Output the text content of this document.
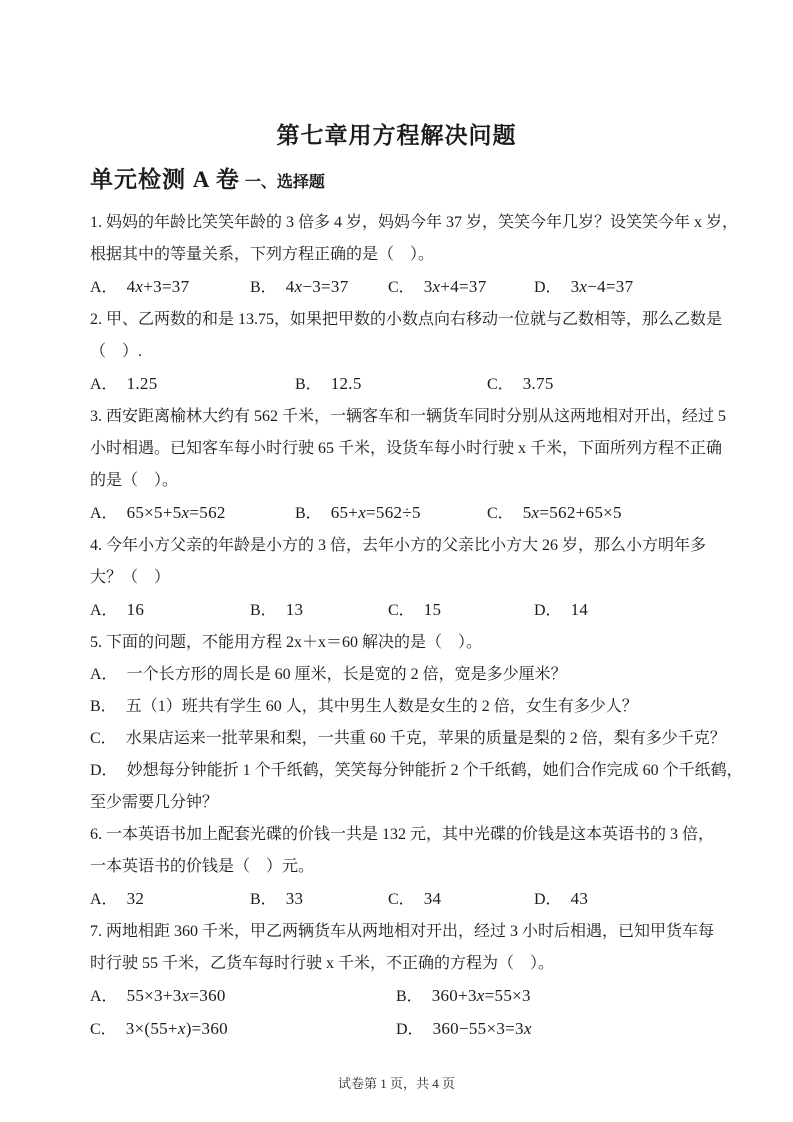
第七章用方程解决问题
单元检测 A 卷 一、选择题

1. 妈妈的年龄比笑笑年龄的 3 倍多 4 岁，妈妈今年 37 岁，笑笑今年几岁？设笑笑今年 x 岁，

根据其中的等量关系，下列方程正确的是（　）。

A． 4x+3=37	B． 4x−3=37	C． 3x+4=37	D． 3x−4=37

2. 甲、乙两数的和是 13.75，如果把甲数的小数点向右移动一位就与乙数相等，那么乙数是

（　）.

A． 1.25	B． 12.5	C． 3.75

3. 西安距离榆林大约有 562 千米，一辆客车和一辆货车同时分别从这两地相对开出，经过 5

小时相遇。已知客车每小时行驶 65 千米，设货车每小时行驶 x 千米，下面所列方程不正确

的是（　）。

A． 65×5+5x=562	B． 65+x=562÷5	C． 5x=562+65×5

4. 今年小方父亲的年龄是小方的 3 倍，去年小方的父亲比小方大 26 岁，那么小方明年多

大？（　）

A． 16	B． 13	C． 15	D． 14

5. 下面的问题，不能用方程 2x＋x＝60 解决的是（　）。

A． 一个长方形的周长是 60 厘米，长是宽的 2 倍，宽是多少厘米？
B． 五（1）班共有学生 60 人，其中男生人数是女生的 2 倍，女生有多少人？
C． 水果店运来一批苹果和梨，一共重 60 千克，苹果的质量是梨的 2 倍，梨有多少千克？
D． 妙想每分钟能折 1 个千纸鹤，笑笑每分钟能折 2 个千纸鹤，她们合作完成 60 个千纸鹤，
至少需要几分钟？

6. 一本英语书加上配套光碟的价钱一共是 132 元，其中光碟的价钱是这本英语书的 3 倍，

一本英语书的价钱是（　）元。

A． 32	B． 33	C． 34	D． 43

7. 两地相距 360 千米，甲乙两辆货车从两地相对开出，经过 3 小时后相遇，已知甲货车每

时行驶 55 千米，乙货车每时行驶 x 千米，不正确的方程为（　）。

A． 55×3+3x=360	B． 360+3x=55×3
C． 3×(55+x)=360	D． 360−55×3=3x
试卷第 1 页，共 4 页
